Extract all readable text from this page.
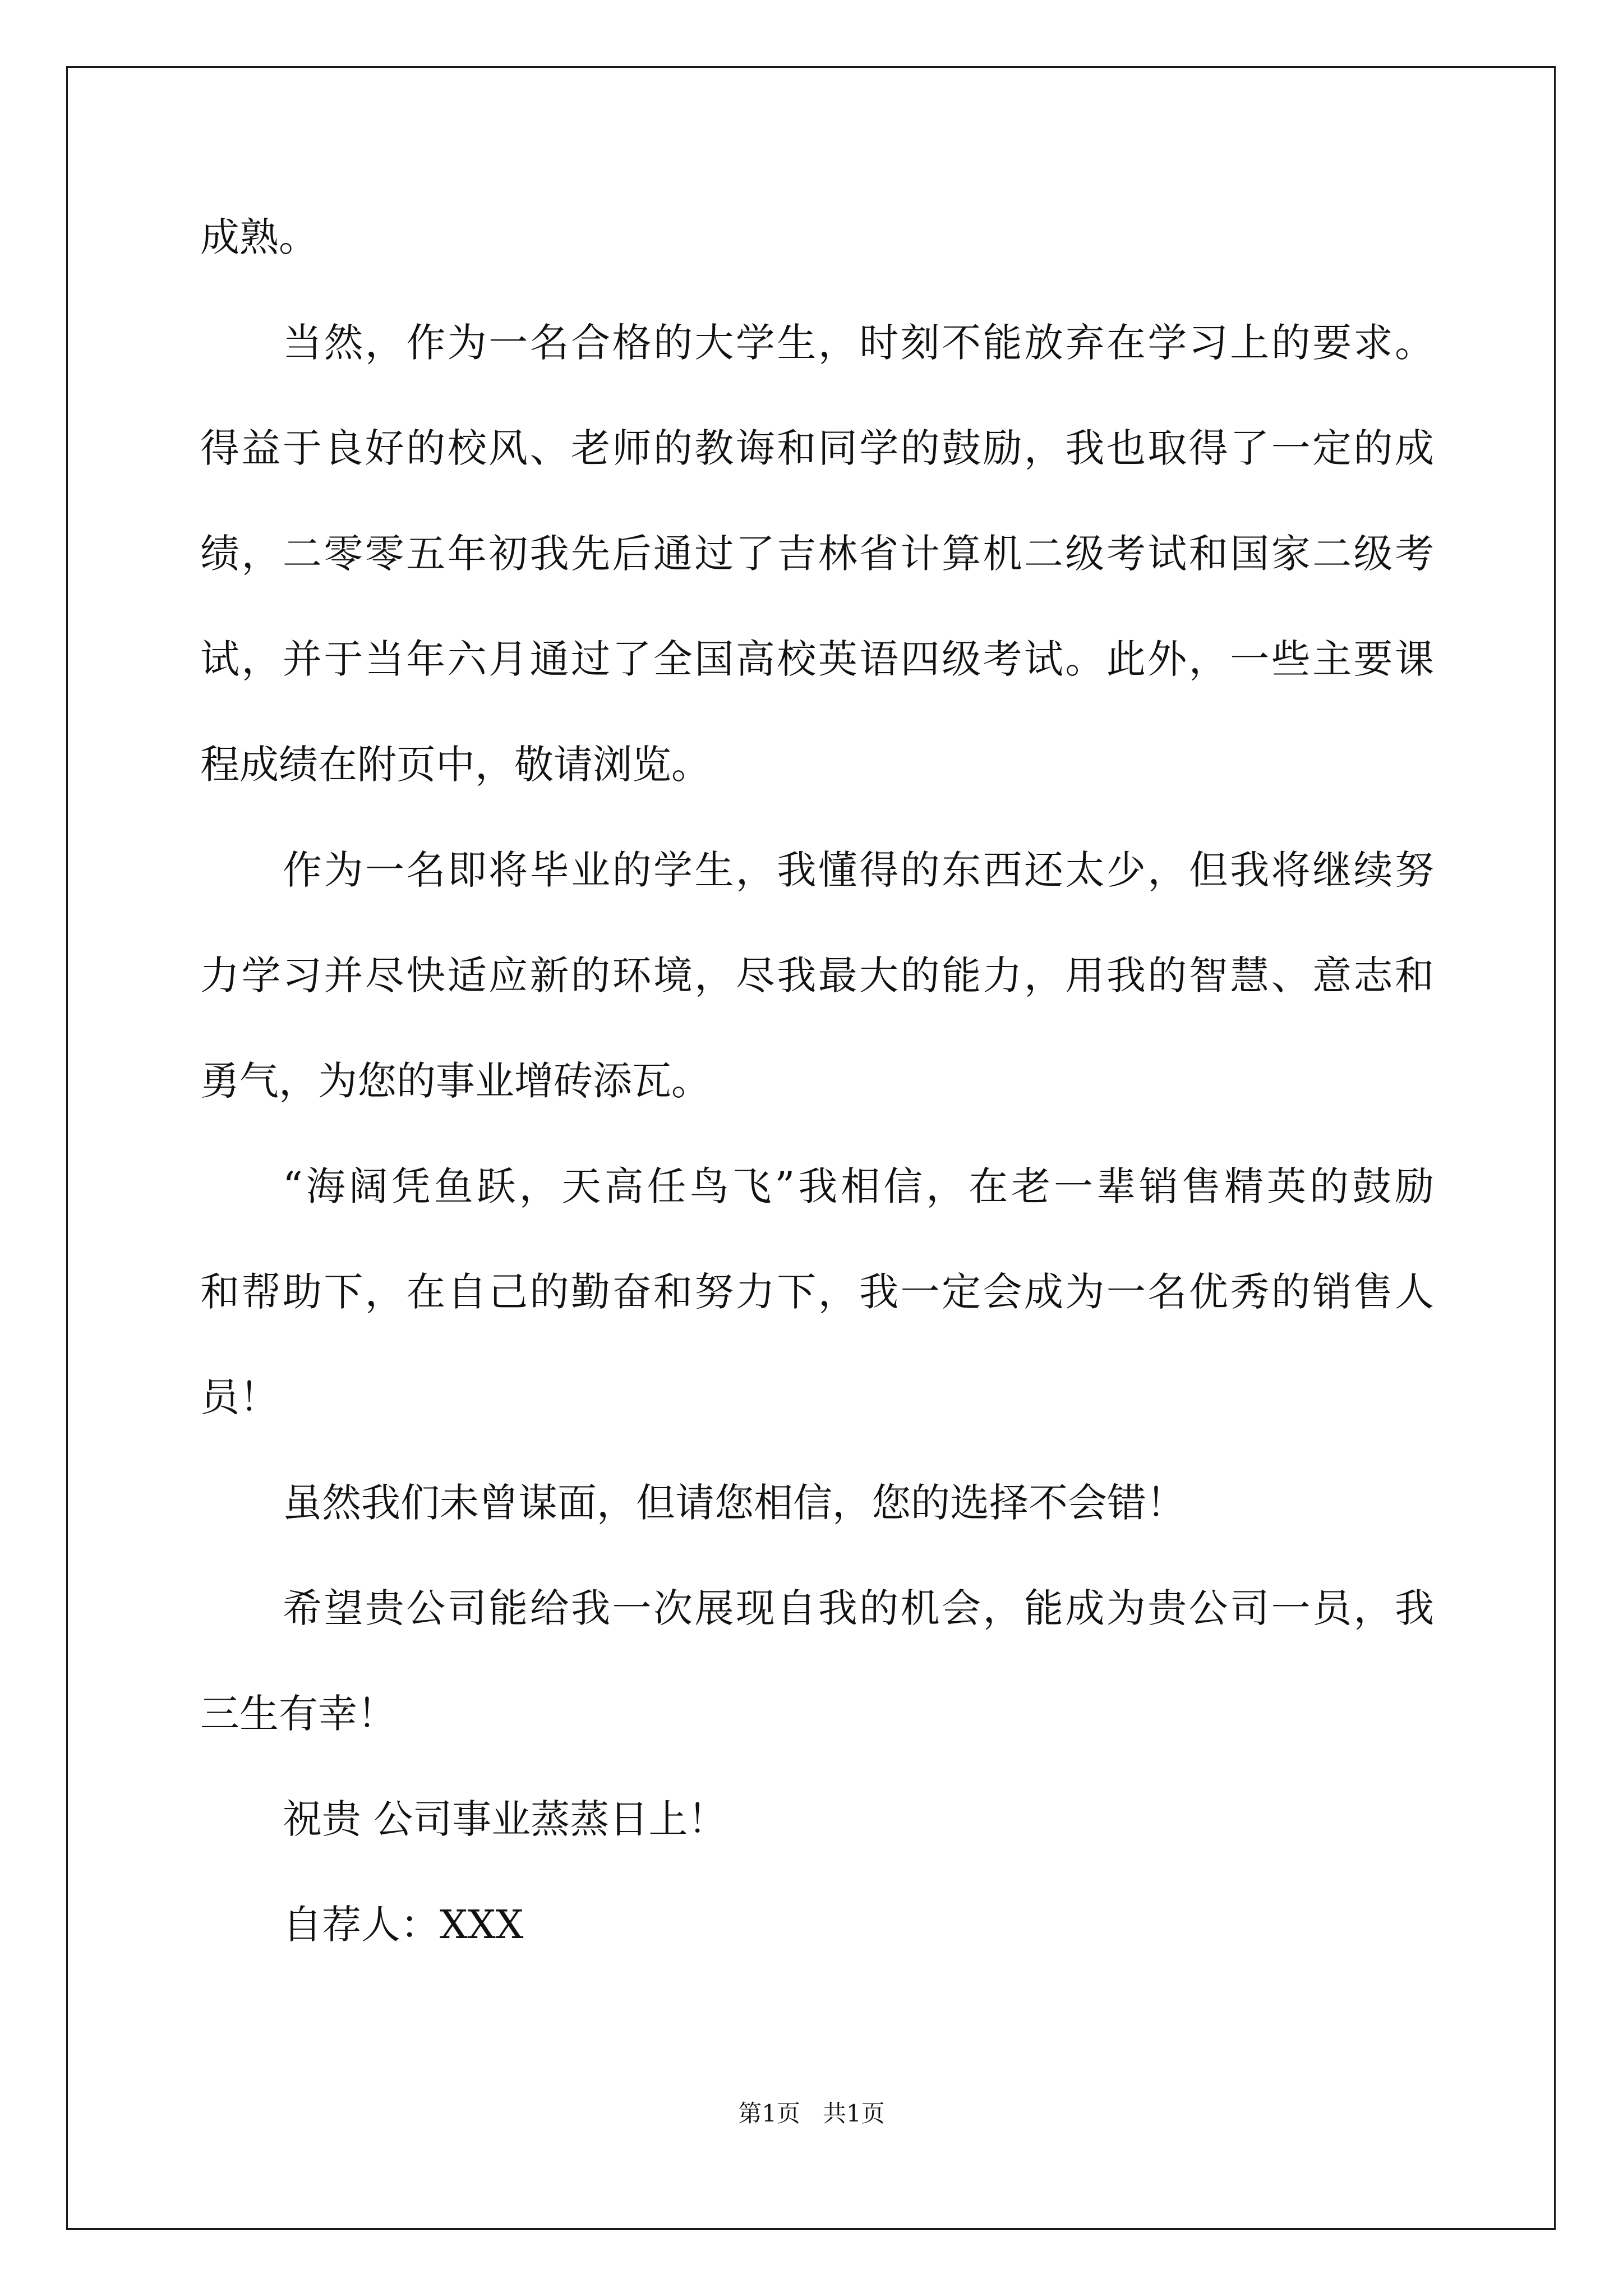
成熟。
当然，作为一名合格的大学生，时刻不能放弃在学习上的要求。
得益于良好的校风、老师的教诲和同学的鼓励，我也取得了一定的成
绩，二零零五年初我先后通过了吉林省计算机二级考试和国家二级考
试，并于当年六月通过了全国高校英语四级考试。此外，一些主要课
程成绩在附页中，敬请浏览。
作为一名即将毕业的学生，我懂得的东西还太少，但我将继续努
力学习并尽快适应新的环境，尽我最大的能力，用我的智慧、意志和
勇气，为您的事业增砖添瓦。
“海阔凭鱼跃，天高任鸟飞”我相信，在老一辈销售精英的鼓励
和帮助下，在自己的勤奋和努力下，我一定会成为一名优秀的销售人
员！
虽然我们未曾谋面，但请您相信，您的选择不会错！
希望贵公司能给我一次展现自我的机会，能成为贵公司一员，我
三生有幸！
祝贵 公司事业蒸蒸日上！
自荐人：XXX
第1页   共1页
